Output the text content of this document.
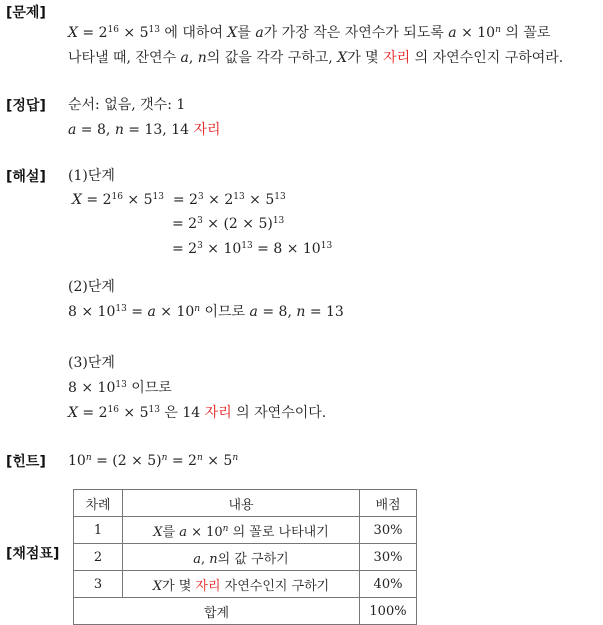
[문제]
$X = 2^{16} \times 5^{13}$ 에 대하여 X를 a가 가장 작은 자연수가 되도록 $a \times 10^n$ 의 꼴로
나타낼 때, 잔연수 a, n의 값을 각각 구하고, X가 몇 자리 의 자연수인지 구하여라.
[정답] 순서: 없음, 갯수: 1
a = 8, n = 13, 14 자리
[해설] (1)단계
$X = 2^{16} \times 5^{13} = 2^3 \times 2^{13} \times 5^{13}$
= $2^3 \times (2 \times 5)^{13}$
= $2^3 \times 10^{13} = 8 \times 10^{13}$
(2)단계
$8 \times 10^{13} = a \times 10^n$ 이므로 a = 8, n = 13
(3)단계
$8 \times 10^{13}$ 이므로
$X = 2^{16} \times 5^{13}$ 은 14 자리 의 자연수이다.
[힌트] $10^n = (2 \times 5)^n = 2^n \times 5^n$
[채점표]
차례	내용	배점
1	X를 $a \times 10^n$ 의 꼴로 나타내기	30%
2	a, n의 값 구하기	30%
3	X가 몇 자리 자연수인지 구하기	40%
합계		100%
